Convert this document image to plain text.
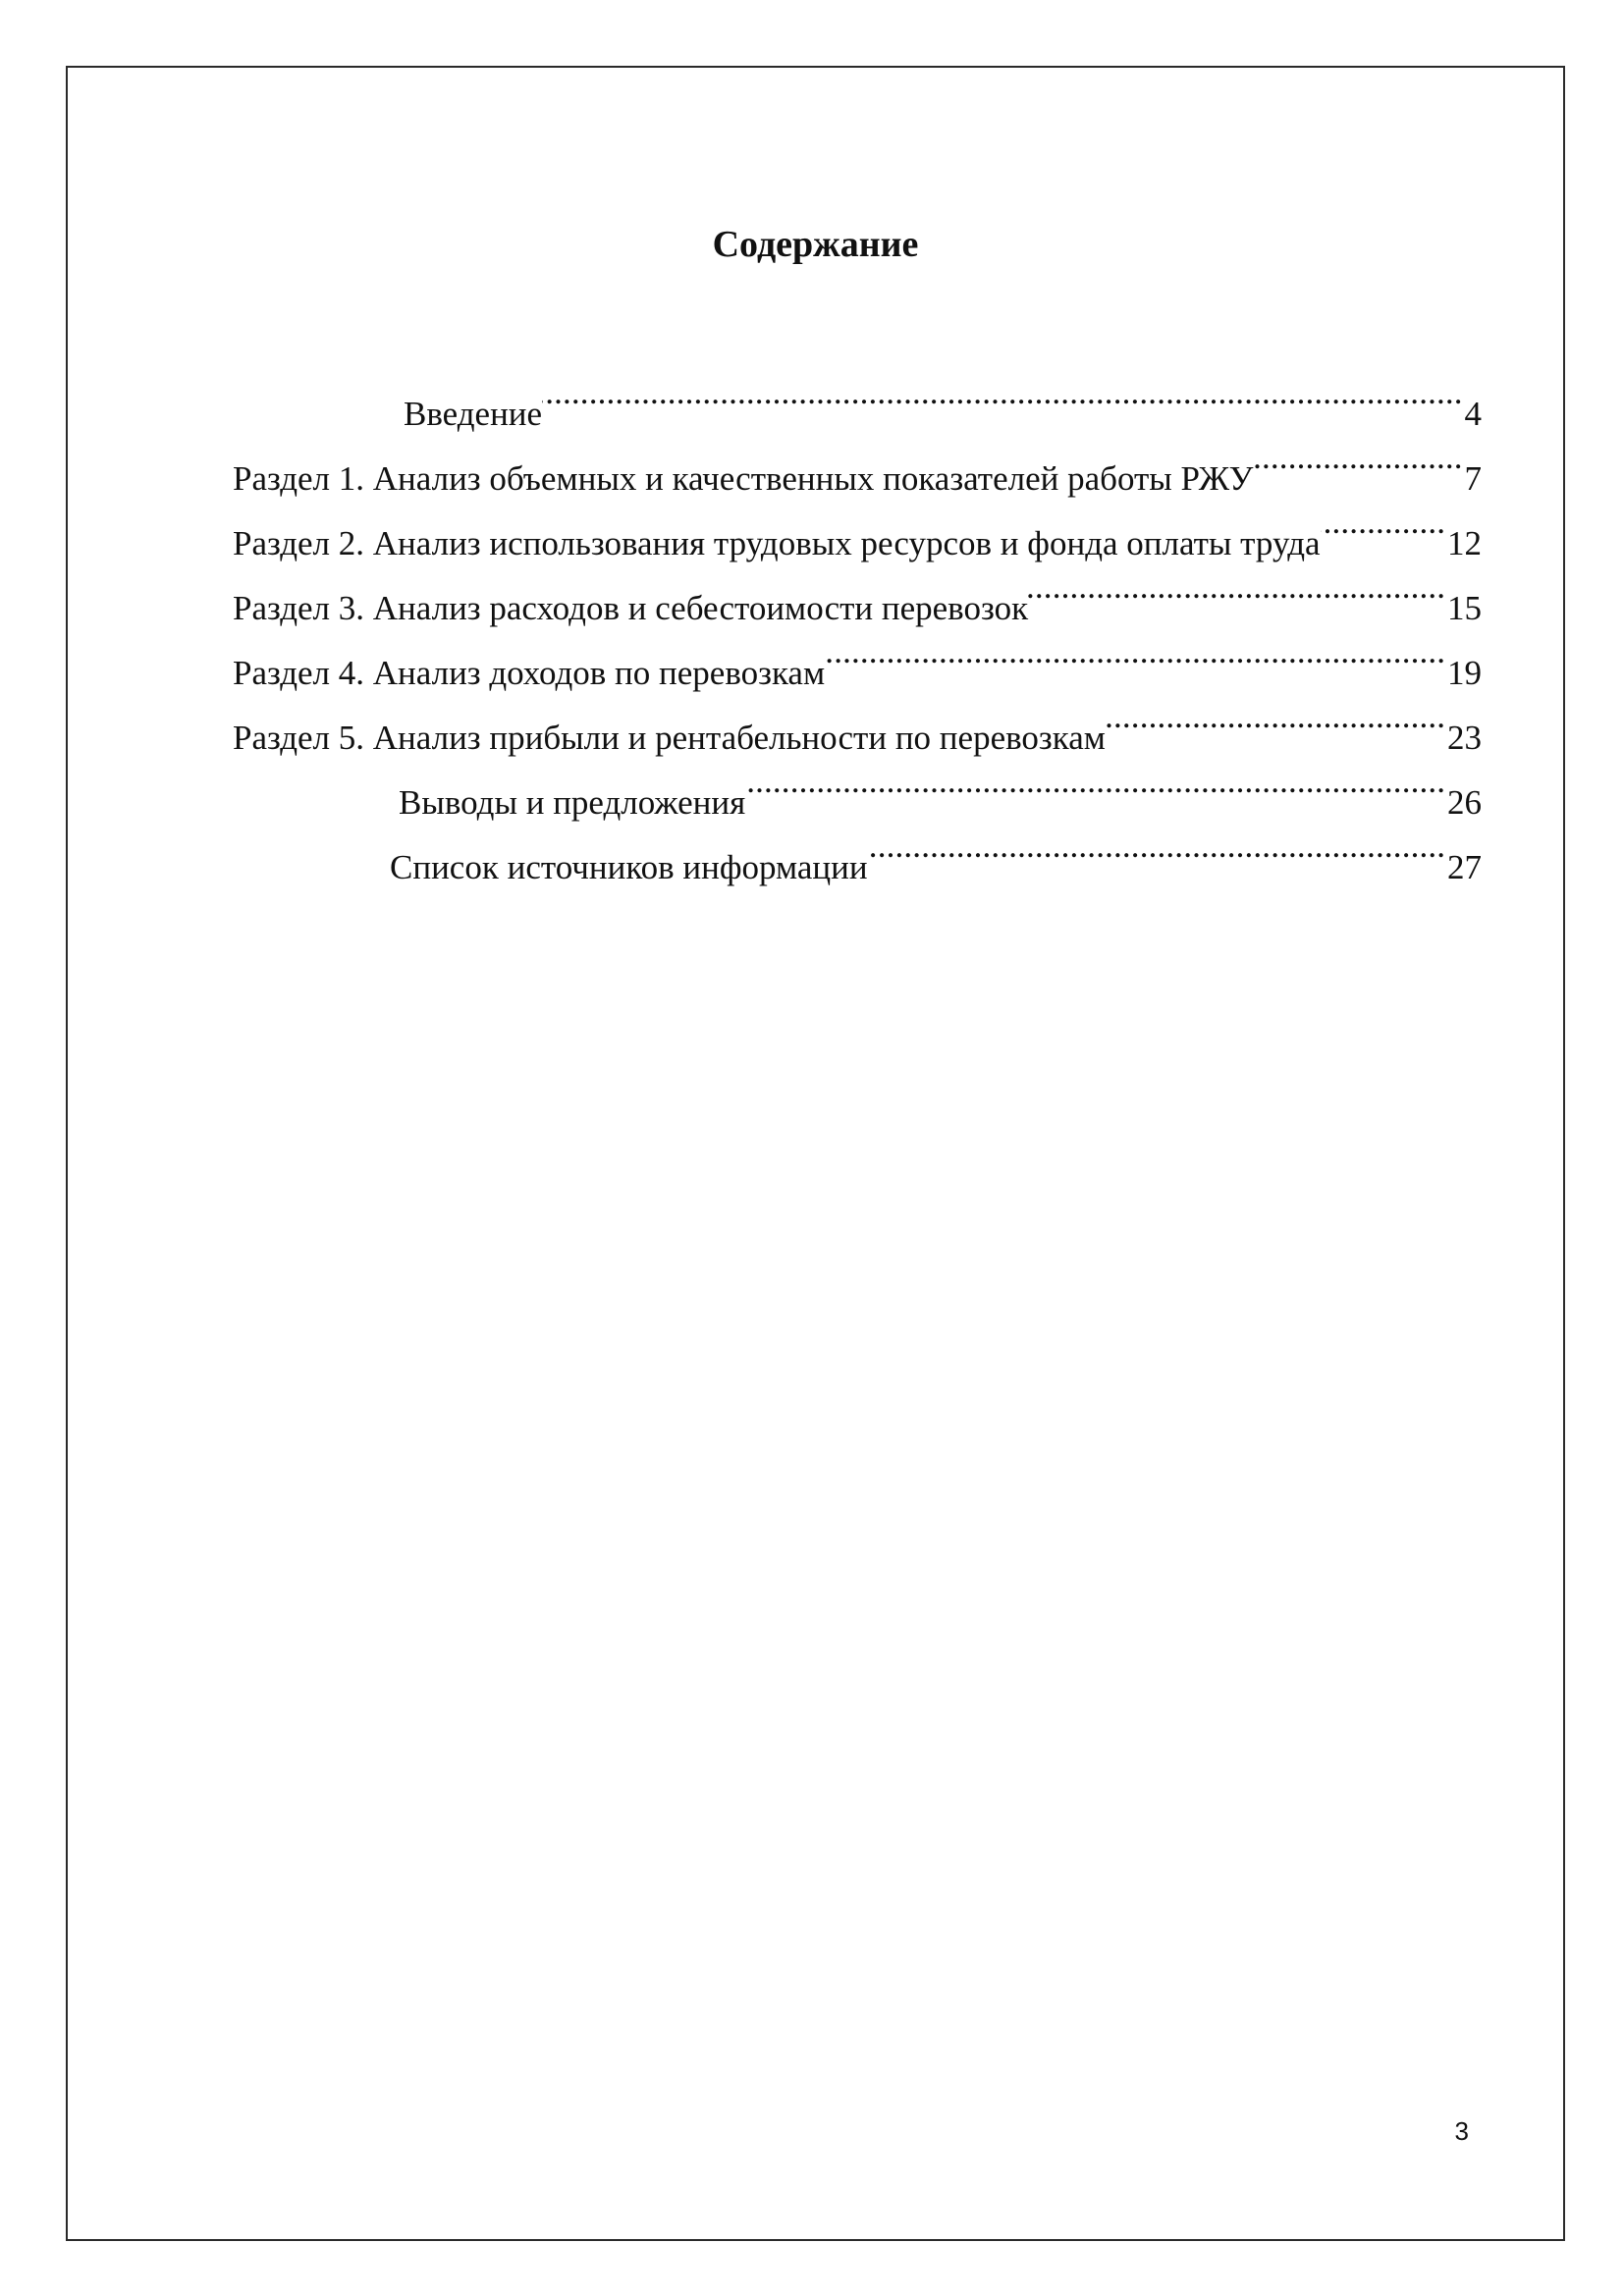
Содержание
Введение . . .	4
Раздел 1. Анализ объемных и качественных показателей работы РЖУ . . .	7
Раздел 2. Анализ использования трудовых ресурсов и фонда оплаты труда . . .	12
Раздел 3. Анализ расходов и себестоимости перевозок . . .	15
Раздел 4. Анализ доходов по перевозкам . . .	19
Раздел 5. Анализ прибыли и рентабельности по перевозкам . . .	23
Выводы и предложения . . .	26
Список источников информации . . .	27
3
